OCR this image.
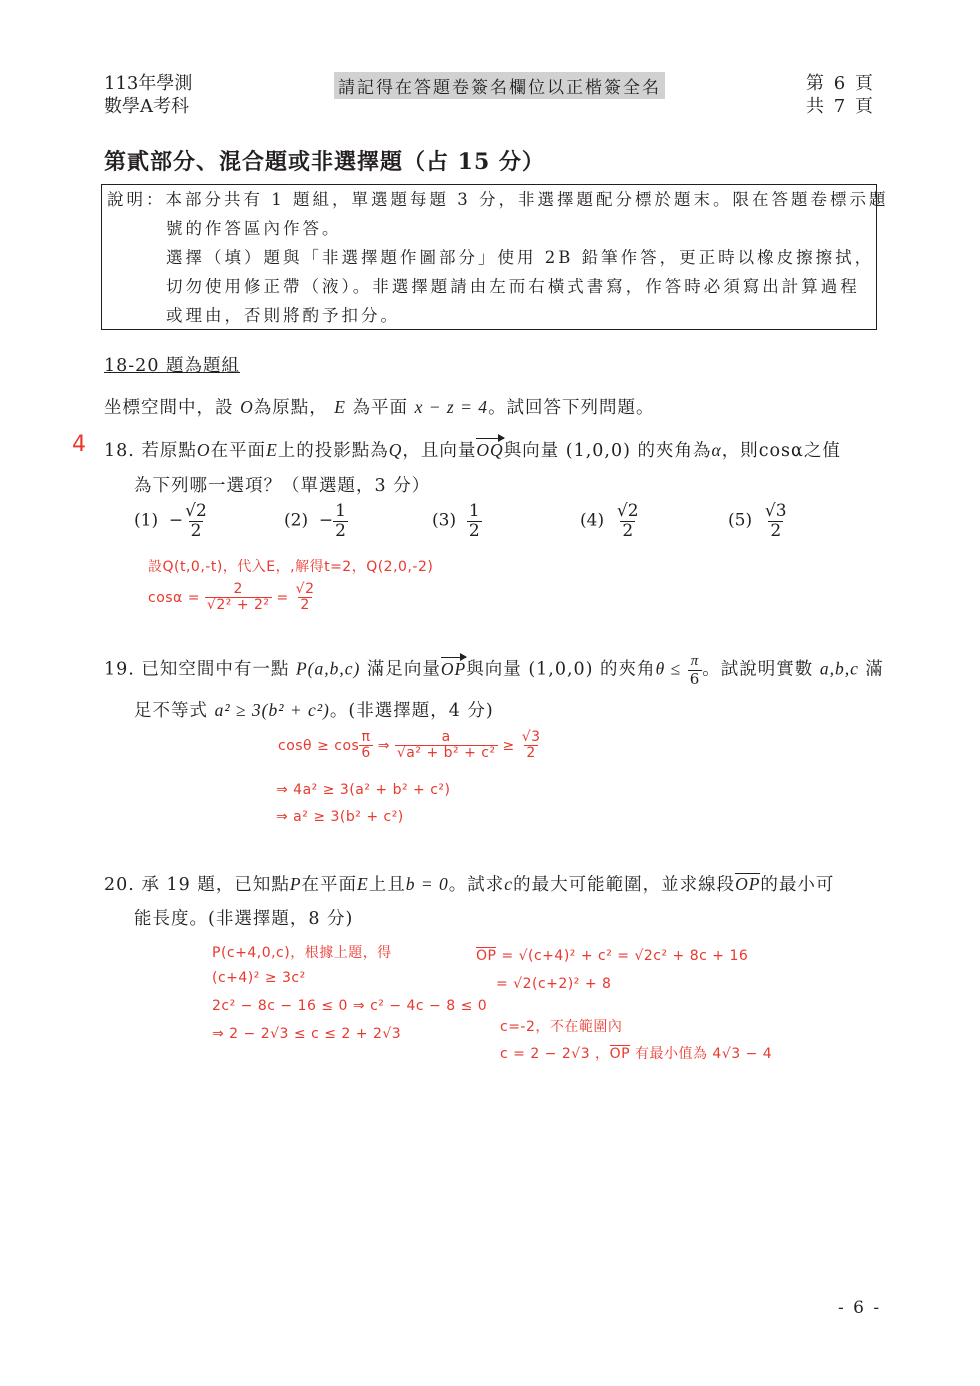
113年學測
數學A考科
請記得在答題卷簽名欄位以正楷簽全名	第 6 頁
共 7 頁
第貳部分、混合題或非選擇題（占 15 分）
說明：本部分共有 1 題組，單選題每題 3 分，非選擇題配分標於題末。限在答題卷標示題
號的作答區內作答。
選擇（填）題與「非選擇題作圖部分」使用 2B 鉛筆作答，更正時以橡皮擦擦拭，
切勿使用修正帶（液）。非選擇題請由左而右橫式書寫，作答時必須寫出計算過程
或理由，否則將酌予扣分。
18-20 題為題組
坐標空間中，設 O為原點， E 為平面 x − z = 4。試回答下列問題。
4 18. 若原點O在平面E上的投影點為Q，且向量OQ與向量 (1,0,0) 的夾角為α，則cosα之值
為下列哪一選項？（單選題，3 分）
$(1) - \frac{√2}{2}$	$(2) - \frac{1}{2}$	$(3) \frac{1}{2}$	$(4) \frac{√2}{2}$	$(5) \frac{√3}{2}$
設Q(t,0,-t)，代入E，,解得t=2，Q(2,0,-2)
$\cos\alpha = \frac{2}{\text{√2² + 2²}} = \frac{√2}{2}$
19. 已知空間中有一點 P(a,b,c) 滿足向量OP與向量 (1,0,0) 的夾角$\theta \le \frac{\pi}{6}$ 。試說明實數 a,b,c 滿
足不等式 a² ≥ 3(b² + c²)。(非選擇題，4 分)
$\cos\theta \ge \cos \frac{\pi}{6}$ ⇒ $\frac{a}{\text{√a² + b² + c²}} \ge \frac{√3}{2}$
⇒ 4a² ≥ 3(a² + b² + c²)
⇒ a² ≥ 3(b² + c²)
20. 承 19 題，已知點P在平面E上且b = 0。試求c的最大可能範圍，並求線段OP的最小可
能長度。(非選擇題，8 分)
P(c+4,0,c)，根據上題，得
(c+4)² ≥ 3c²
2c² − 8c − 16 ≤ 0 ⇒ c² − 4c − 8 ≤ 0
⇒ 2 − 2√3 ≤ c ≤ 2 + 2√3
OP = √(c+4)² + c² = √2c² + 8c + 16
= √2(c+2)² + 8
c=-2，不在範圍內
c = 2 − 2√3 ，OP 有最小值為 4√3 − 4
- 6 -
